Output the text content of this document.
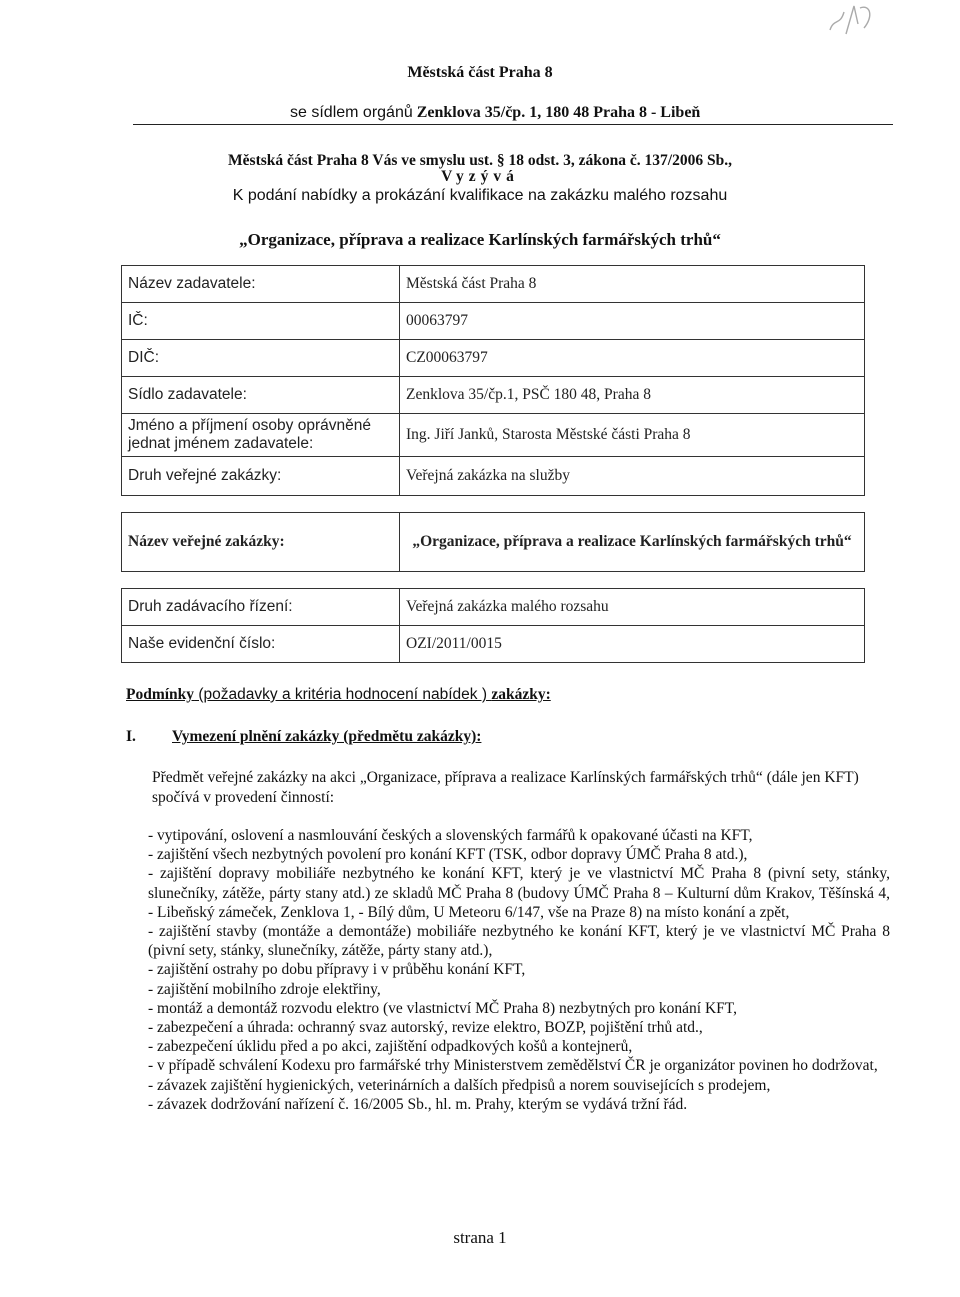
Městská část Praha 8
se sídlem orgánů Zenklova 35/čp. 1, 180 48 Praha 8 - Libeň
Městská část Praha 8 Vás ve smyslu ust. § 18 odst. 3, zákona č. 137/2006 Sb.,
Vyzývá
K podání nabídky a prokázání kvalifikace na zakázku malého rozsahu
„Organizace, příprava a realizace Karlínských farmářských trhů“
Název zadavatele:	Městská část Praha 8
IČ:	00063797
DIČ:	CZ00063797
Sídlo zadavatele:	Zenklova 35/čp.1, PSČ 180 48, Praha 8
Jméno a příjmení osoby oprávněné jednat jménem zadavatele:	Ing. Jiří Janků, Starosta Městské části Praha 8
Druh veřejné zakázky:	Veřejná zakázka na služby

Název veřejné zakázky:	„Organizace, příprava a realizace Karlínských farmářských trhů“

Druh zadávacího řízení:	Veřejná zakázka malého rozsahu
Naše evidenční číslo:	OZI/2011/0015
Podmínky (požadavky a kritéria hodnocení nabídek ) zakázky:
I. Vymezení plnění zakázky (předmětu zakázky):
Předmět veřejné zakázky na akci „Organizace, příprava a realizace Karlínských farmářských trhů“ (dále jen KFT) spočívá v provedení činností:
- vytipování, oslovení a nasmlouvání českých a slovenských farmářů k opakované účasti na KFT,
- zajištění všech nezbytných povolení pro konání KFT (TSK, odbor dopravy ÚMČ Praha 8 atd.),
- zajištění dopravy mobiliáře nezbytného ke konání KFT, který je ve vlastnictví MČ Praha 8 (pivní sety, stánky, slunečníky, zátěže, párty stany atd.) ze skladů MČ Praha 8 (budovy ÚMČ Praha 8 – Kulturní dům Krakov, Těšínská 4, - Libeňský zámeček, Zenklova 1, - Bílý dům, U Meteoru 6/147, vše na Praze 8) na místo konání a zpět,
- zajištění stavby (montáže a demontáže) mobiliáře nezbytného ke konání KFT, který je ve vlastnictví MČ Praha 8 (pivní sety, stánky, slunečníky, zátěže, párty stany atd.),
- zajištění ostrahy po dobu přípravy i v průběhu konání KFT,
- zajištění mobilního zdroje elektřiny,
- montáž a demontáž rozvodu elektro (ve vlastnictví MČ Praha 8) nezbytných pro konání KFT,
- zabezpečení a úhrada: ochranný svaz autorský, revize elektro, BOZP, pojištění trhů atd.,
- zabezpečení úklidu před a po akci, zajištění odpadkových košů a kontejnerů,
- v případě schválení Kodexu pro farmářské trhy Ministerstvem zemědělství ČR je organizátor povinen ho dodržovat,
- závazek zajištění hygienických, veterinárních a dalších předpisů a norem souvisejících s prodejem,
- závazek dodržování nařízení č. 16/2005 Sb., hl. m. Prahy, kterým se vydává tržní řád.
strana 1
